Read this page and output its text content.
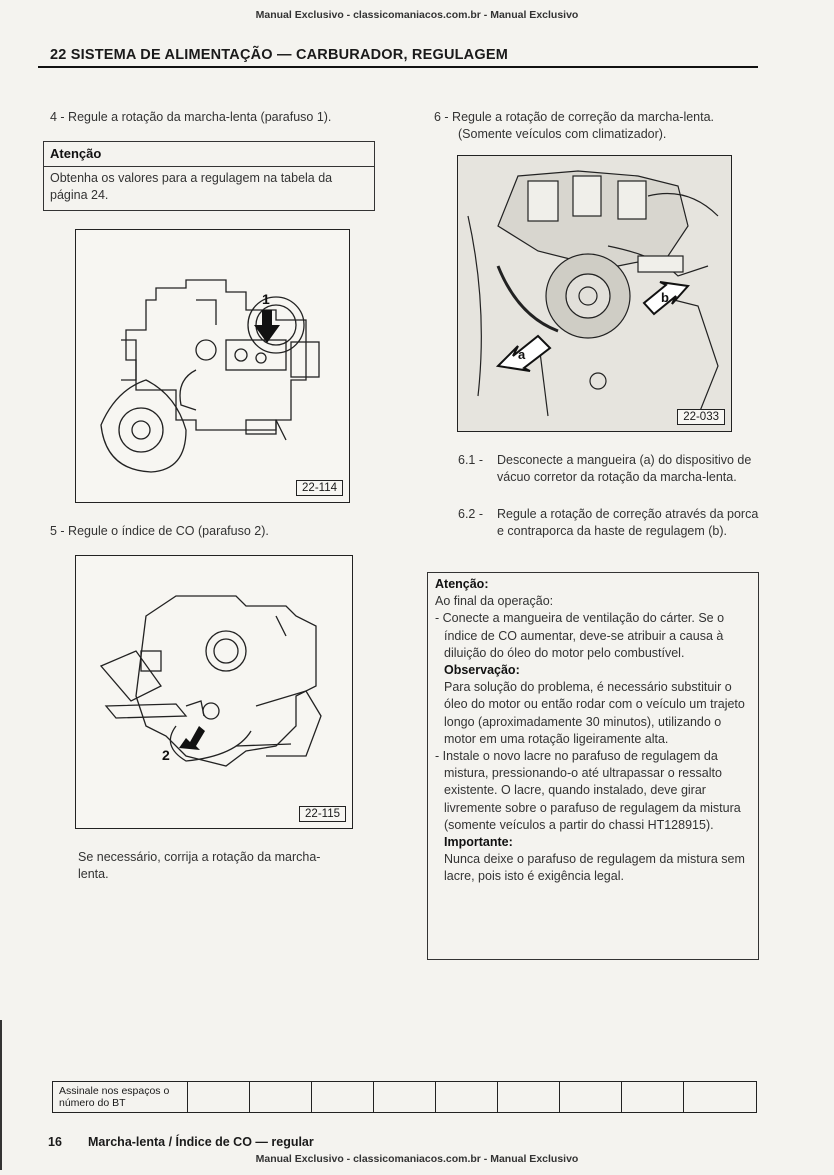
Manual Exclusivo - classicomaniacos.com.br - Manual Exclusivo
22 SISTEMA DE ALIMENTAÇÃO — CARBURADOR, REGULAGEM
4 - Regule a rotação da marcha-lenta (parafuso 1).
Atenção
Obtenha os valores para a regulagem na tabela da página 24.
1
22-114
5 - Regule o índice de CO (parafuso 2).
2
22-115
Se necessário, corrija a rotação da marcha-lenta.
6 - Regule a rotação de correção da marcha-lenta.
(Somente veículos com climatizador).
a
b
22-033
6.1 -	Desconecte a mangueira (a) do dispositivo de vácuo corretor da rotação da marcha-lenta.
6.2 -	Regule a rotação de correção através da porca e contraporca da haste de regulagem (b).
Atenção:
Ao final da operação:
- Conecte a mangueira de ventilação do cárter. Se o índice de CO aumentar, deve-se atribuir a causa à diluição do óleo do motor pelo combustível.
Observação:
Para solução do problema, é necessário substituir o óleo do motor ou então rodar com o veículo um trajeto longo (aproximadamente 30 minutos), utilizando o motor em uma rotação ligeiramente alta.
- Instale o novo lacre no parafuso de regulagem da mistura, pressionando-o até ultrapassar o ressalto existente. O lacre, quando instalado, deve girar livremente sobre o parafuso de regulagem da mistura (somente veículos a partir do chassi HT128915).
Importante:
Nunca deixe o parafuso de regulagem da mistura sem lacre, pois isto é exigência legal.
Assinale nos espaços o número do BT									
16 Marcha-lenta / Índice de CO — regular
Manual Exclusivo - classicomaniacos.com.br - Manual Exclusivo
